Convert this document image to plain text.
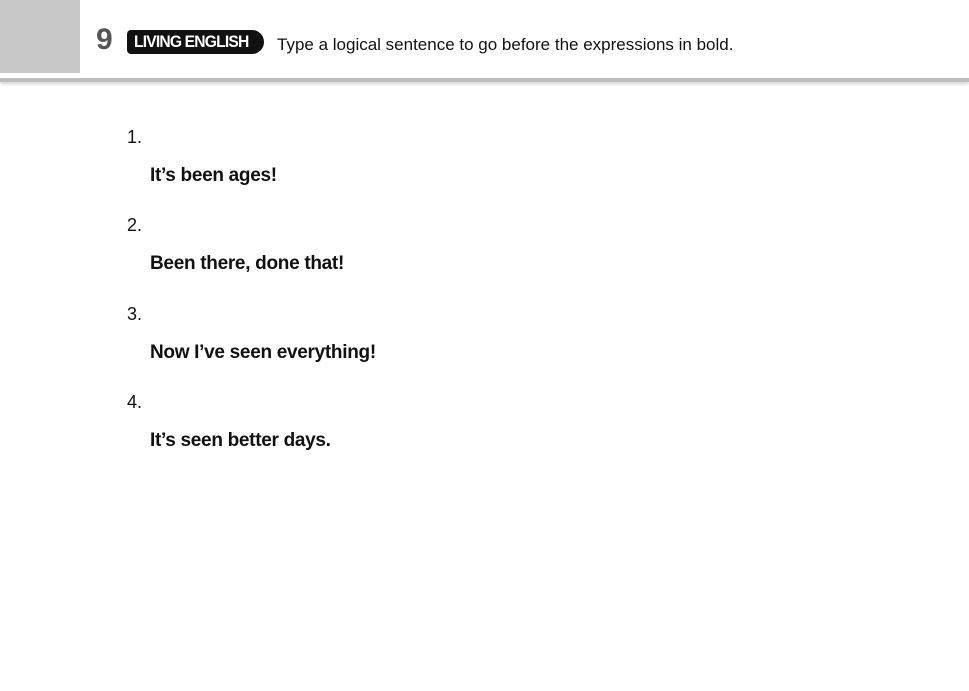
9 LIVING ENGLISH Type a logical sentence to go before the expressions in bold.
1.
It’s been ages!
2.
Been there, done that!
3.
Now I’ve seen everything!
4.
It’s seen better days.
